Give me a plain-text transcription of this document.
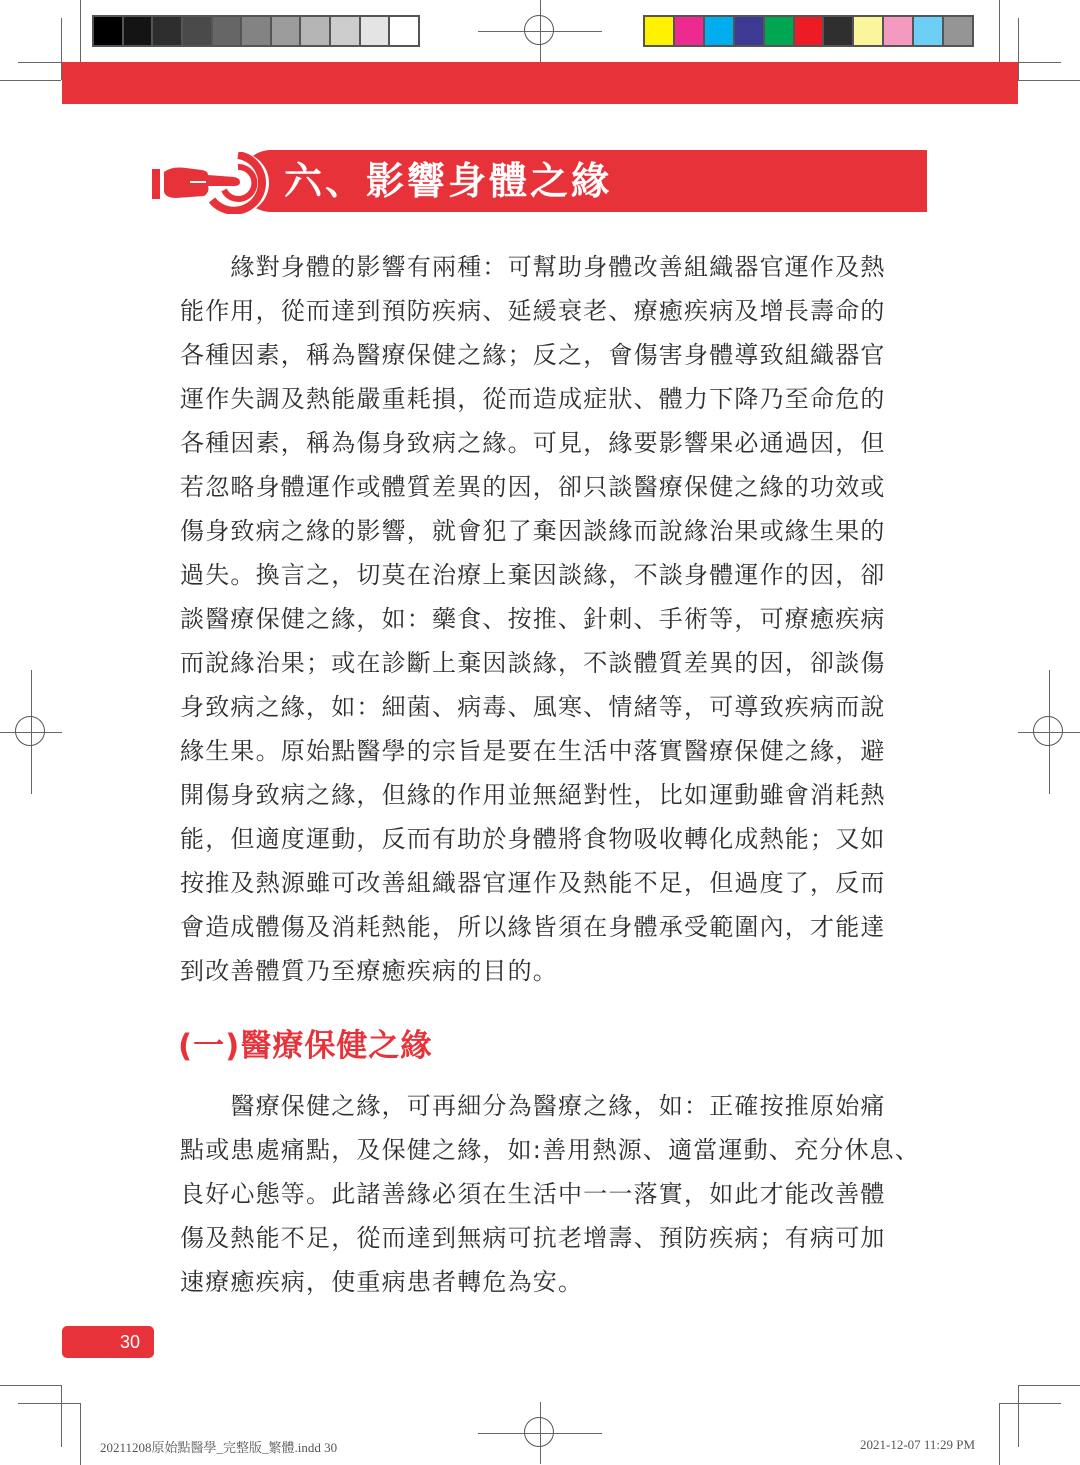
六、影響身體之緣
　　緣對身體的影響有兩種：可幫助身體改善組織器官運作及熱
能作用，從而達到預防疾病、延緩衰老、療癒疾病及增長壽命的
各種因素，稱為醫療保健之緣；反之，會傷害身體導致組織器官
運作失調及熱能嚴重耗損，從而造成症狀、體力下降乃至命危的
各種因素，稱為傷身致病之緣。可見，緣要影響果必通過因，但
若忽略身體運作或體質差異的因，卻只談醫療保健之緣的功效或
傷身致病之緣的影響，就會犯了棄因談緣而說緣治果或緣生果的
過失。換言之，切莫在治療上棄因談緣，不談身體運作的因，卻
談醫療保健之緣，如：藥食、按推、針刺、手術等，可療癒疾病
而說緣治果；或在診斷上棄因談緣，不談體質差異的因，卻談傷
身致病之緣，如：細菌、病毒、風寒、情緒等，可導致疾病而說
緣生果。原始點醫學的宗旨是要在生活中落實醫療保健之緣，避
開傷身致病之緣，但緣的作用並無絕對性，比如運動雖會消耗熱
能，但適度運動，反而有助於身體將食物吸收轉化成熱能；又如
按推及熱源雖可改善組織器官運作及熱能不足，但過度了，反而
會造成體傷及消耗熱能，所以緣皆須在身體承受範圍內，才能達
到改善體質乃至療癒疾病的目的。
(一)醫療保健之緣
　　醫療保健之緣，可再細分為醫療之緣，如：正確按推原始痛
點或患處痛點，及保健之緣，如:善用熱源、適當運動、充分休息、
良好心態等。此諸善緣必須在生活中一一落實，如此才能改善體
傷及熱能不足，從而達到無病可抗老增壽、預防疾病；有病可加
速療癒疾病，使重病患者轉危為安。
30
20211208原始點醫學_完整版_繁體.indd 30	2021-12-07 11:29 PM
